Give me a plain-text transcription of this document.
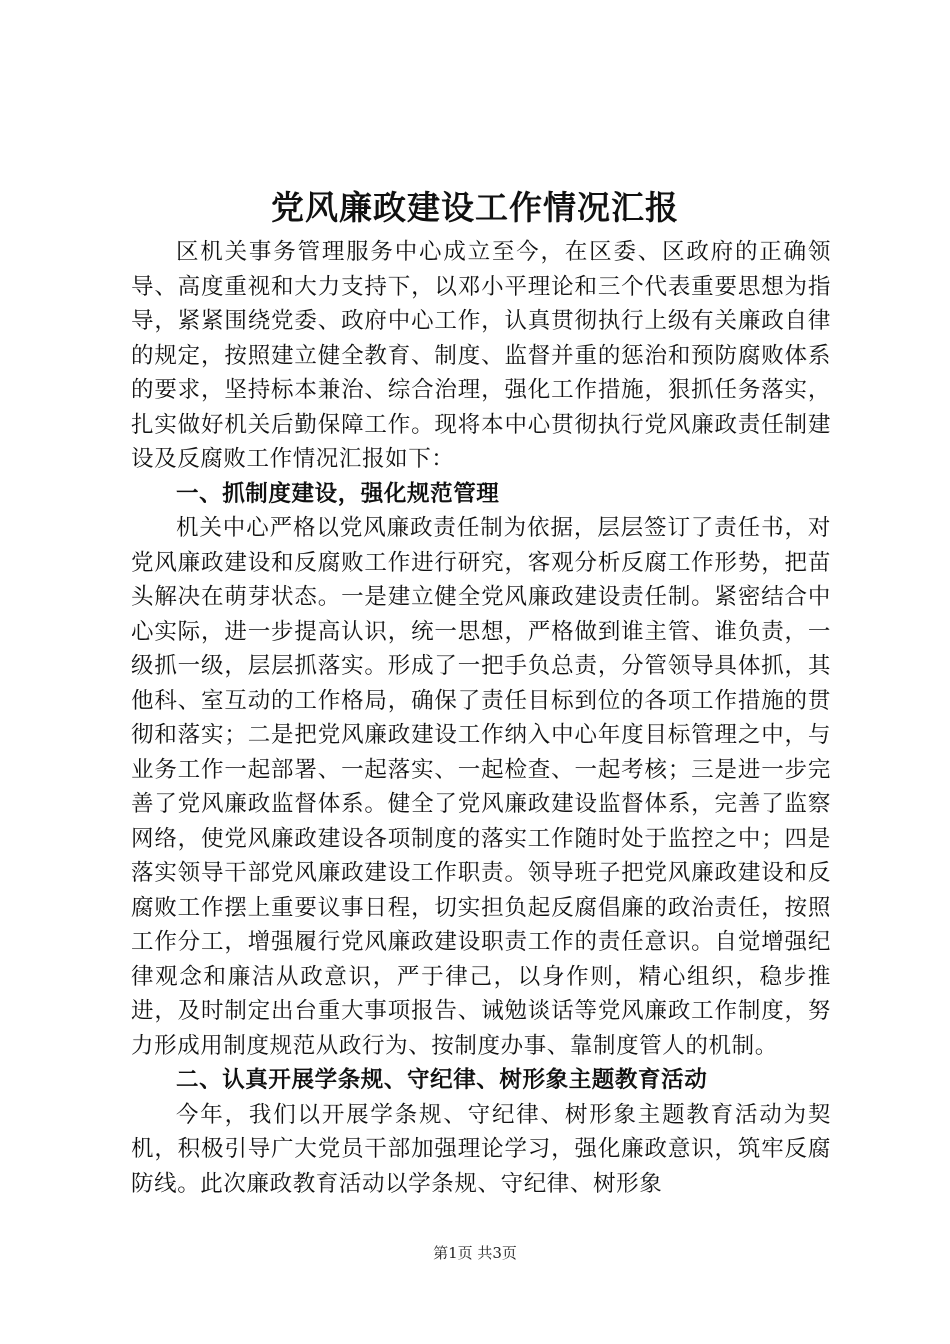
党风廉政建设工作情况汇报

区机关事务管理服务中心成立至今，在区委、区政府的正确领导、高度重视和大力支持下，以邓小平理论和三个代表重要思想为指导，紧紧围绕党委、政府中心工作，认真贯彻执行上级有关廉政自律的规定，按照建立健全教育、制度、监督并重的惩治和预防腐败体系的要求，坚持标本兼治、综合治理，强化工作措施，狠抓任务落实，扎实做好机关后勤保障工作。现将本中心贯彻执行党风廉政责任制建设及反腐败工作情况汇报如下：

一、抓制度建设，强化规范管理

机关中心严格以党风廉政责任制为依据，层层签订了责任书，对党风廉政建设和反腐败工作进行研究，客观分析反腐工作形势，把苗头解决在萌芽状态。一是建立健全党风廉政建设责任制。紧密结合中心实际，进一步提高认识，统一思想，严格做到谁主管、谁负责，一级抓一级，层层抓落实。形成了一把手负总责，分管领导具体抓，其他科、室互动的工作格局，确保了责任目标到位的各项工作措施的贯彻和落实；二是把党风廉政建设工作纳入中心年度目标管理之中，与业务工作一起部署、一起落实、一起检查、一起考核；三是进一步完善了党风廉政监督体系。健全了党风廉政建设监督体系，完善了监察网络，使党风廉政建设各项制度的落实工作随时处于监控之中；四是落实领导干部党风廉政建设工作职责。领导班子把党风廉政建设和反腐败工作摆上重要议事日程，切实担负起反腐倡廉的政治责任，按照工作分工，增强履行党风廉政建设职责工作的责任意识。自觉增强纪律观念和廉洁从政意识，严于律己，以身作则，精心组织，稳步推进，及时制定出台重大事项报告、诫勉谈话等党风廉政工作制度，努力形成用制度规范从政行为、按制度办事、靠制度管人的机制。

二、认真开展学条规、守纪律、树形象主题教育活动

今年，我们以开展学条规、守纪律、树形象主题教育活动为契机，积极引导广大党员干部加强理论学习，强化廉政意识，筑牢反腐防线。此次廉政教育活动以学条规、守纪律、树形象

第1页 共3页
